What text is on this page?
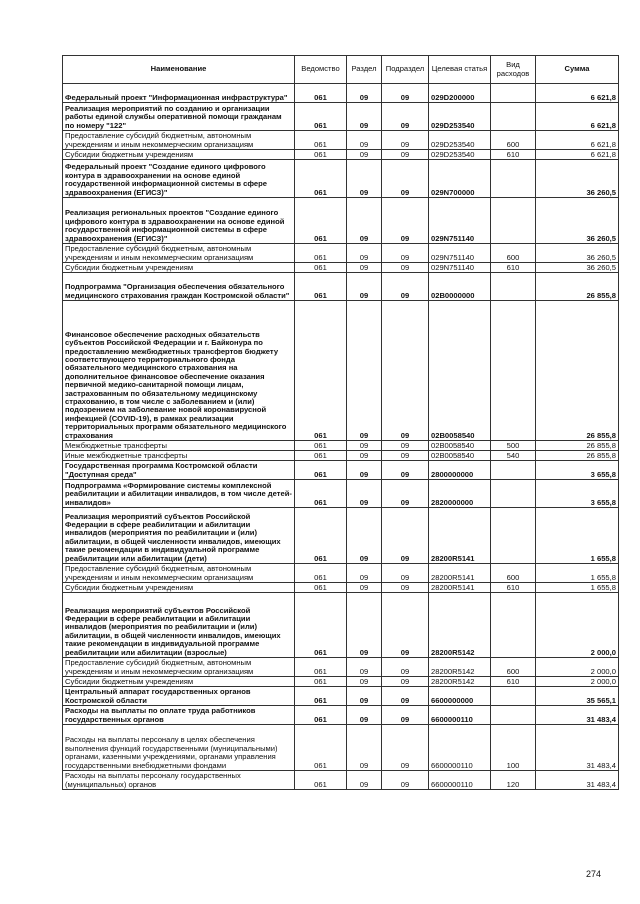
Наименование	Ведомство	Раздел	Подраздел	Целевая статья	Вид расходов	Сумма
Федеральный проект "Информационная инфраструктура"	061	09	09	029D200000		6 621,8
Реализация мероприятий по созданию и организации работы единой службы оперативной помощи гражданам по номеру "122"	061	09	09	029D253540		6 621,8
Предоставление субсидий бюджетным, автономным учреждениям и иным некоммерческим организациям	061	09	09	029D253540	600	6 621,8
Субсидии бюджетным учреждениям	061	09	09	029D253540	610	6 621,8
Федеральный проект "Создание единого цифрового контура в здравоохранении на основе единой государственной информационной системы в сфере здравоохранения (ЕГИСЗ)"	061	09	09	029N700000		36 260,5
Реализация региональных проектов "Создание единого цифрового контура в здравоохранении на основе единой государственной информационной системы в сфере здравоохранения (ЕГИСЗ)"	061	09	09	029N751140		36 260,5
Предоставление субсидий бюджетным, автономным учреждениям и иным некоммерческим организациям	061	09	09	029N751140	600	36 260,5
Субсидии бюджетным учреждениям	061	09	09	029N751140	610	36 260,5
Подпрограмма "Организация обеспечения обязательного медицинского страхования граждан Костромской области"	061	09	09	02В0000000		26 855,8
Финансовое обеспечение расходных обязательств субъектов Российской Федерации и г. Байконура по предоставлению межбюджетных трансфертов бюджету соответствующего территориального фонда обязательного медицинского страхования на дополнительное финансовое обеспечение оказания первичной медико-санитарной помощи лицам, застрахованным по обязательному медицинскому страхованию, в том числе с заболеванием и (или) подозрением на заболевание новой коронавирусной инфекцией (COVID-19), в рамках реализации территориальных программ обязательного медицинского страхования	061	09	09	02В0058540		26 855,8
Межбюджетные трансферты	061	09	09	02В0058540	500	26 855,8
Иные межбюджетные трансферты	061	09	09	02В0058540	540	26 855,8
Государственная программа Костромской области "Доступная среда"	061	09	09	2800000000		3 655,8
Подпрограмма «Формирование системы комплексной реабилитации и абилитации инвалидов, в том числе детей-инвалидов»	061	09	09	2820000000		3 655,8
Реализация мероприятий субъектов Российской Федерации в сфере реабилитации и абилитации инвалидов (мероприятия по реабилитации и (или) абилитации, в общей численности инвалидов, имеющих такие рекомендации в индивидуальной программе реабилитации или абилитации (дети)	061	09	09	28200R5141		1 655,8
Предоставление субсидий бюджетным, автономным учреждениям и иным некоммерческим организациям	061	09	09	28200R5141	600	1 655,8
Субсидии бюджетным учреждениям	061	09	09	28200R5141	610	1 655,8
Реализация мероприятий субъектов Российской Федерации в сфере реабилитации и абилитации инвалидов (мероприятия по реабилитации и (или) абилитации, в общей численности инвалидов, имеющих такие рекомендации в индивидуальной программе реабилитации или абилитации (взрослые)	061	09	09	28200R5142		2 000,0
Предоставление субсидий бюджетным, автономным учреждениям и иным некоммерческим организациям	061	09	09	28200R5142	600	2 000,0
Субсидии бюджетным учреждениям	061	09	09	28200R5142	610	2 000,0
Центральный аппарат государственных органов Костромской области	061	09	09	6600000000		35 565,1
Расходы на выплаты по оплате труда работников государственных органов	061	09	09	6600000110		31 483,4
Расходы на выплаты персоналу в целях обеспечения выполнения функций государственными (муниципальными) органами, казенными учреждениями, органами управления государственными внебюджетными фондами	061	09	09	6600000110	100	31 483,4
Расходы на выплаты персоналу государственных (муниципальных) органов	061	09	09	6600000110	120	31 483,4
274
